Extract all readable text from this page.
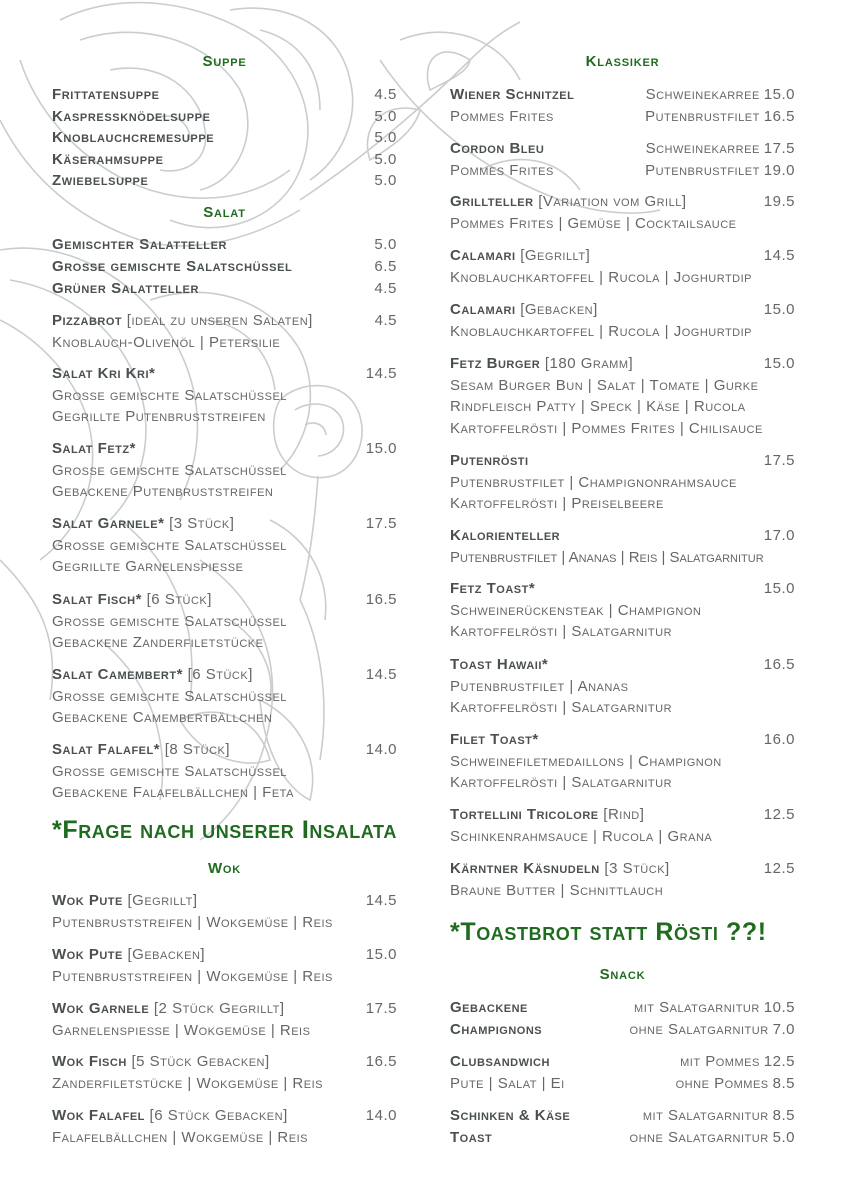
Suppe
Frittatensuppe	4.5
Kaspressknödelsuppe	5.0
Knoblauchcremesuppe	5.0
Käserahmsuppe	5.0
Zwiebelsuppe	5.0
Salat
Gemischter Salatteller	5.0
Grosse gemischte Salatschüssel	6.5
Grüner Salatteller	4.5
Pizzabrot [ideal zu unseren Salaten]	4.5
Knoblauch-Olivenöl | Petersilie
Salat Kri Kri*	14.5
Grosse gemischte Salatschüssel
Gegrillte Putenbruststreifen
Salat Fetz*	15.0
Grosse gemischte Salatschüssel
Gebackene Putenbruststreifen
Salat Garnele* [3 Stück]	17.5
Grosse gemischte Salatschüssel
Gegrillte Garnelenspiesse
Salat Fisch* [6 Stück]	16.5
Grosse gemischte Salatschüssel
Gebackene Zanderfiletstücke
Salat Camembert* [6 Stück]	14.5
Grosse gemischte Salatschüssel
Gebackene Camembertbällchen
Salat Falafel* [8 Stück]	14.0
Grosse gemischte Salatschüssel
Gebackene Falafelbällchen | Feta
*Frage nach unserer Insalata
Wok
Wok Pute [Gegrillt]	14.5
Putenbruststreifen | Wokgemüse | Reis
Wok Pute [Gebacken]	15.0
Putenbruststreifen | Wokgemüse | Reis
Wok Garnele [2 Stück Gegrillt]	17.5
Garnelenspiesse | Wokgemüse | Reis
Wok Fisch [5 Stück Gebacken]	16.5
Zanderfiletstücke | Wokgemüse | Reis
Wok Falafel [6 Stück Gebacken]	14.0
Falafelbällchen | Wokgemüse | Reis
Klassiker
Wiener Schnitzel	Schweinekarree 15.0
Pommes Frites	Putenbrustfilet 16.5
Cordon Bleu	Schweinekarree 17.5
Pommes Frites	Putenbrustfilet 19.0
Grillteller [Variation vom Grill]	19.5
Pommes Frites | Gemüse | Cocktailsauce
Calamari [Gegrillt]	14.5
Knoblauchkartoffel | Rucola | Joghurtdip
Calamari [Gebacken]	15.0
Knoblauchkartoffel | Rucola | Joghurtdip
Fetz Burger [180 Gramm]	15.0
Sesam Burger Bun | Salat | Tomate | Gurke
Rindfleisch Patty | Speck | Käse | Rucola
Kartoffelrösti | Pommes Frites | Chilisauce
Putenrösti	17.5
Putenbrustfilet | Champignonrahmsauce
Kartoffelrösti | Preiselbeere
Kalorienteller	17.0
Putenbrustfilet | Ananas | Reis | Salatgarnitur
Fetz Toast*	15.0
Schweinerückensteak | Champignon
Kartoffelrösti | Salatgarnitur
Toast Hawaii*	16.5
Putenbrustfilet | Ananas
Kartoffelrösti | Salatgarnitur
Filet Toast*	16.0
Schweinefiletmedaillons | Champignon
Kartoffelrösti | Salatgarnitur
Tortellini Tricolore [Rind]	12.5
Schinkenrahmsauce | Rucola | Grana
Kärntner Käsnudeln [3 Stück]	12.5
Braune Butter | Schnittlauch
*Toastbrot statt Rösti ??!
Snack
Gebackene	mit Salatgarnitur 10.5
Champignons	ohne Salatgarnitur 7.0
Clubsandwich	mit Pommes 12.5
Pute | Salat | Ei	ohne Pommes 8.5
Schinken & Käse	mit Salatgarnitur 8.5
Toast	ohne Salatgarnitur 5.0
